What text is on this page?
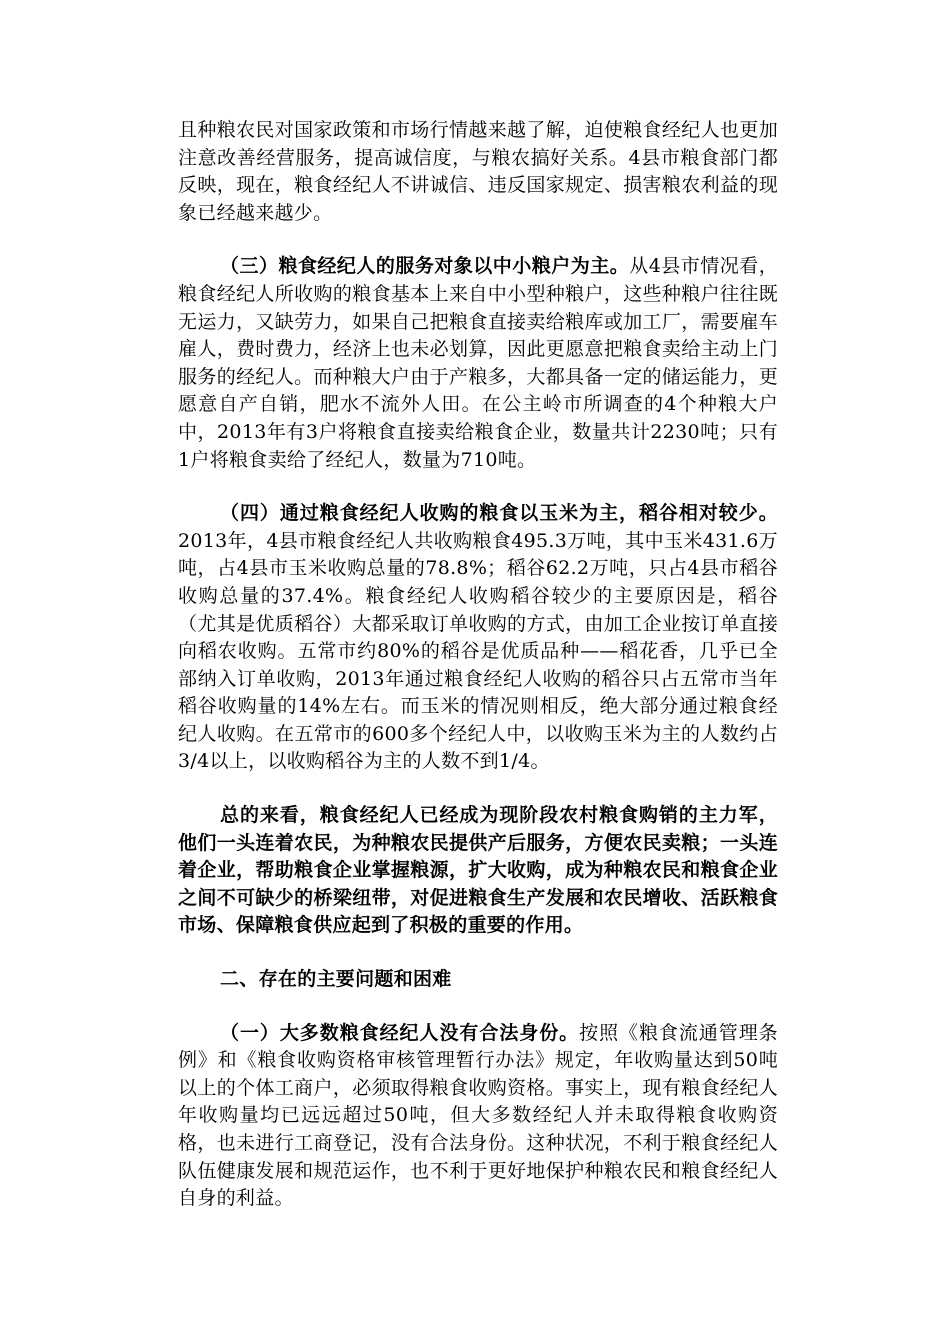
且种粮农民对国家政策和市场行情越来越了解，迫使粮食经纪人也更加注意改善经营服务，提高诚信度，与粮农搞好关系。4县市粮食部门都反映，现在，粮食经纪人不讲诚信、违反国家规定、损害粮农利益的现象已经越来越少。

（三）粮食经纪人的服务对象以中小粮户为主。从4县市情况看，粮食经纪人所收购的粮食基本上来自中小型种粮户，这些种粮户往往既无运力，又缺劳力，如果自己把粮食直接卖给粮库或加工厂，需要雇车雇人，费时费力，经济上也未必划算，因此更愿意把粮食卖给主动上门服务的经纪人。而种粮大户由于产粮多，大都具备一定的储运能力，更愿意自产自销，肥水不流外人田。在公主岭市所调查的4个种粮大户中，2013年有3户将粮食直接卖给粮食企业，数量共计2230吨；只有1户将粮食卖给了经纪人，数量为710吨。

（四）通过粮食经纪人收购的粮食以玉米为主，稻谷相对较少。2013年，4县市粮食经纪人共收购粮食495.3万吨，其中玉米431.6万吨，占4县市玉米收购总量的78.8%；稻谷62.2万吨，只占4县市稻谷收购总量的37.4%。粮食经纪人收购稻谷较少的主要原因是，稻谷（尤其是优质稻谷）大都采取订单收购的方式，由加工企业按订单直接向稻农收购。五常市约80%的稻谷是优质品种——稻花香，几乎已全部纳入订单收购，2013年通过粮食经纪人收购的稻谷只占五常市当年稻谷收购量的14%左右。而玉米的情况则相反，绝大部分通过粮食经纪人收购。在五常市的600多个经纪人中，以收购玉米为主的人数约占3/4以上，以收购稻谷为主的人数不到1/4。

总的来看，粮食经纪人已经成为现阶段农村粮食购销的主力军，他们一头连着农民，为种粮农民提供产后服务，方便农民卖粮；一头连着企业，帮助粮食企业掌握粮源，扩大收购，成为种粮农民和粮食企业之间不可缺少的桥梁纽带，对促进粮食生产发展和农民增收、活跃粮食市场、保障粮食供应起到了积极的重要的作用。

二、存在的主要问题和困难

（一）大多数粮食经纪人没有合法身份。按照《粮食流通管理条例》和《粮食收购资格审核管理暂行办法》规定，年收购量达到50吨以上的个体工商户，必须取得粮食收购资格。事实上，现有粮食经纪人年收购量均已远远超过50吨，但大多数经纪人并未取得粮食收购资格，也未进行工商登记，没有合法身份。这种状况，不利于粮食经纪人队伍健康发展和规范运作，也不利于更好地保护种粮农民和粮食经纪人自身的利益。
